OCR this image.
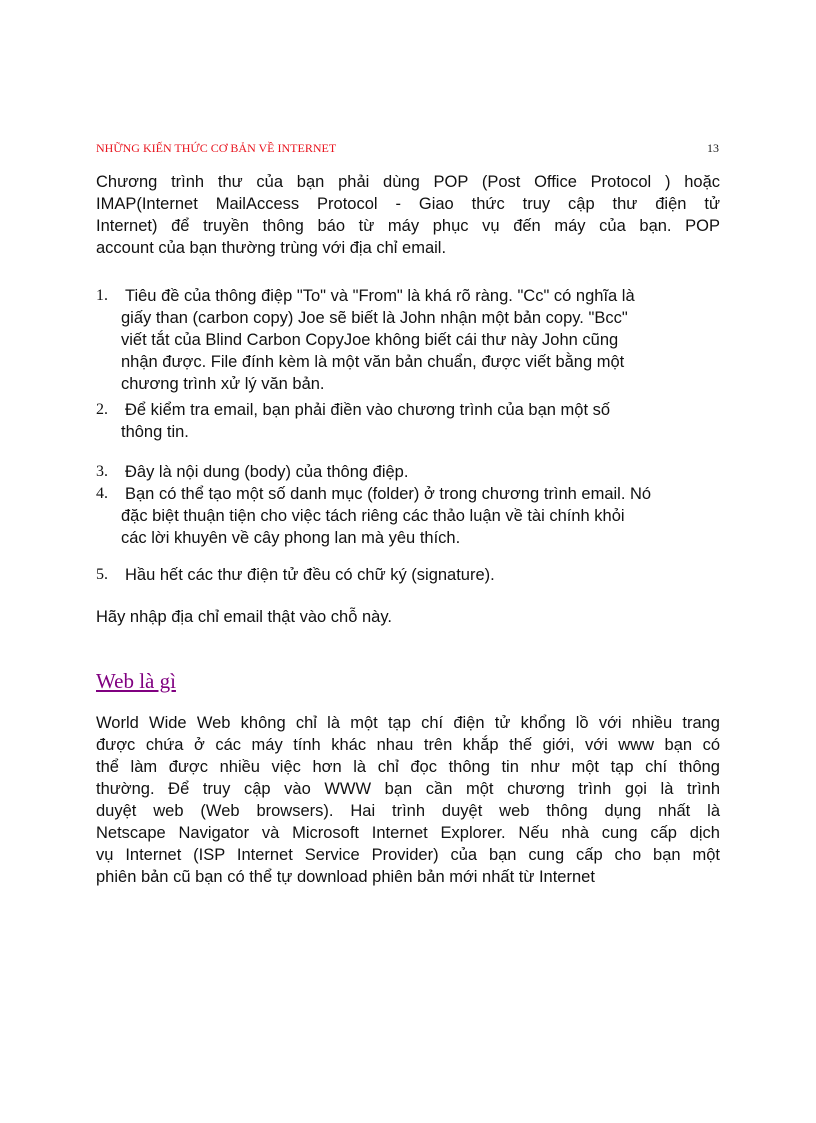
NHỮNG KIẾN THỨC CƠ BẢN VỀ INTERNET	13
Chương trình thư của bạn phải dùng POP (Post Office Protocol ) hoặc
IMAP(Internet MailAccess Protocol - Giao thức truy cập thư điện tử
Internet) để truyền thông báo từ máy phục vụ đến máy của bạn. POP
account của bạn thường trùng với địa chỉ email.
1. Tiêu đề của thông điệp "To" và "From" là khá rõ ràng. "Cc" có nghĩa là
giấy than (carbon copy) Joe sẽ biết là John nhận một bản copy. "Bcc"
viết tắt của Blind Carbon CopyJoe không biết cái thư này John cũng
nhận được. File đính kèm là một văn bản chuẩn, được viết bằng một
chương trình xử lý văn bản.
2. Để kiểm tra email, bạn phải điền vào chương trình của bạn một số
thông tin.
3. Đây là nội dung (body) của thông điệp.
4. Bạn có thể tạo một số danh mục (folder) ở trong chương trình email. Nó
đặc biệt thuận tiện cho việc tách riêng các thảo luận về tài chính khỏi
các lời khuyên về cây phong lan mà yêu thích.
5. Hầu hết các thư điện tử đều có chữ ký (signature).
Hãy nhập địa chỉ email thật vào chỗ này.
Web là gì
World Wide Web không chỉ là một tạp chí điện tử khổng lồ với nhiều trang
được chứa ở các máy tính khác nhau trên khắp thế giới, với www bạn có
thể làm được nhiều việc hơn là chỉ đọc thông tin như một tạp chí thông
thường. Để truy cập vào WWW bạn cần một chương trình gọi là trình
duyệt web (Web browsers). Hai trình duyệt web thông dụng nhất là
Netscape Navigator và Microsoft Internet Explorer. Nếu nhà cung cấp dịch
vụ Internet (ISP Internet Service Provider) của bạn cung cấp cho bạn một
phiên bản cũ bạn có thể tự download phiên bản mới nhất từ Internet
